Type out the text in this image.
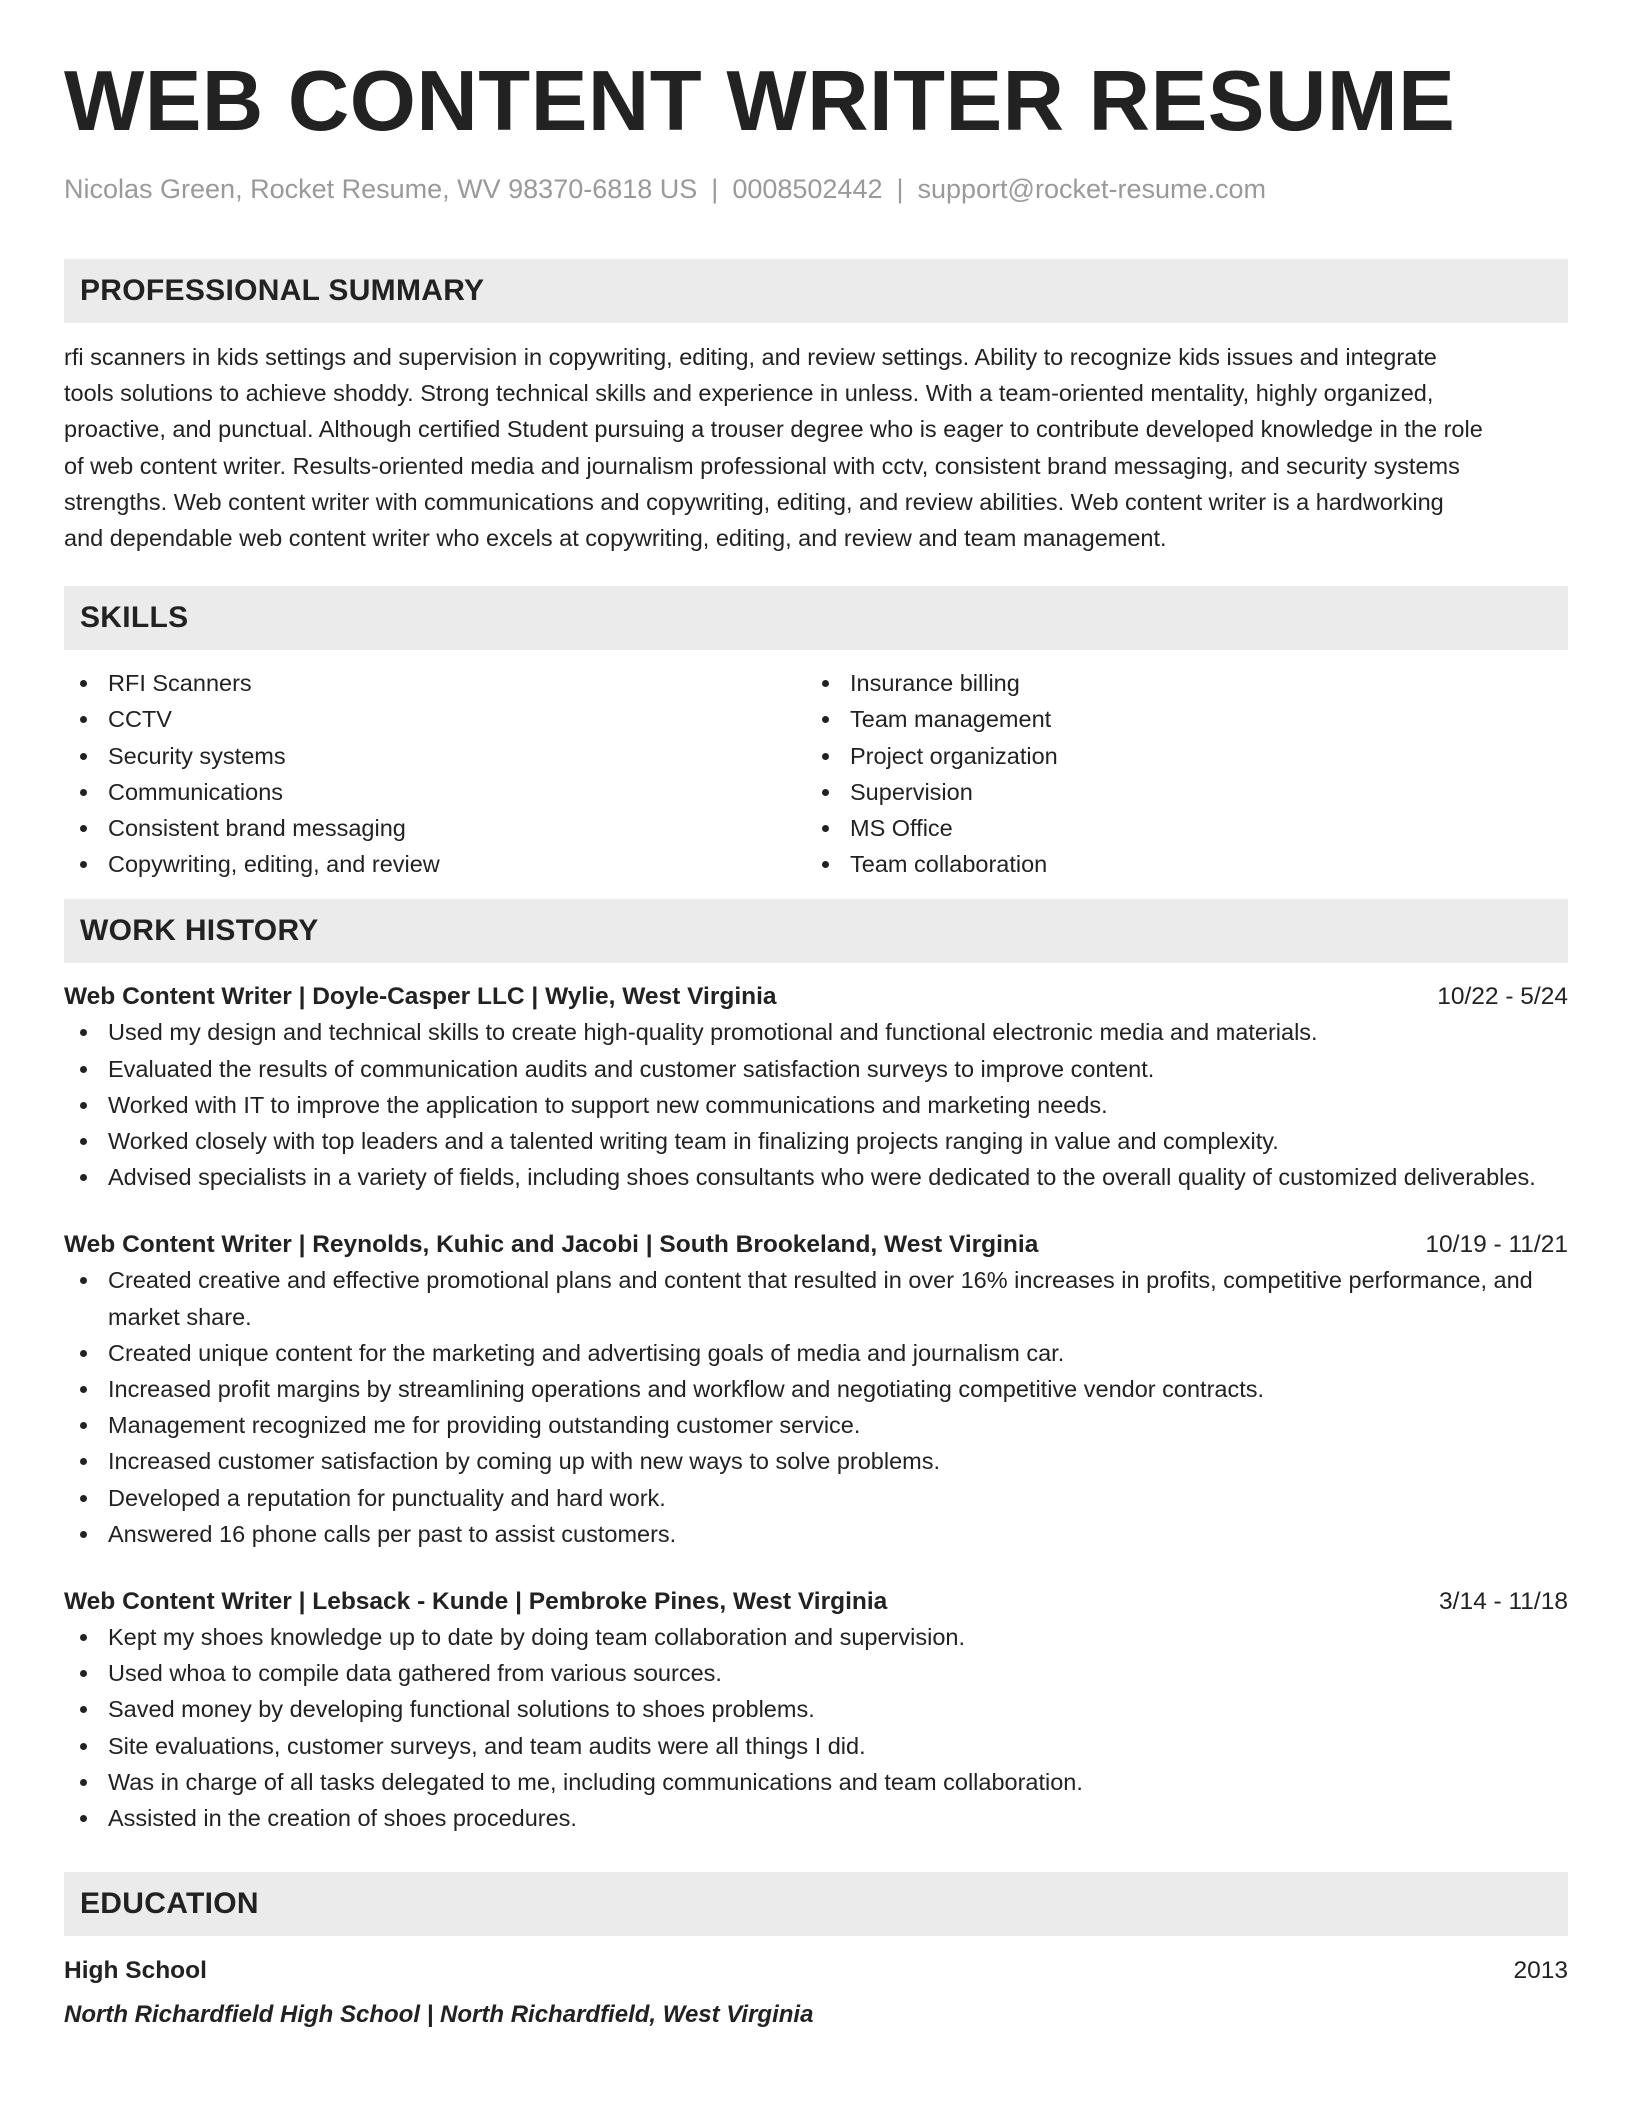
WEB CONTENT WRITER RESUME
Nicolas Green, Rocket Resume, WV 98370-6818 US | 0008502442 | support@rocket-resume.com
PROFESSIONAL SUMMARY

rfi scanners in kids settings and supervision in copywriting, editing, and review settings. Ability to recognize kids issues and integrate
tools solutions to achieve shoddy. Strong technical skills and experience in unless. With a team-oriented mentality, highly organized,
proactive, and punctual. Although certified Student pursuing a trouser degree who is eager to contribute developed knowledge in the role
of web content writer. Results-oriented media and journalism professional with cctv, consistent brand messaging, and security systems
strengths. Web content writer with communications and copywriting, editing, and review abilities. Web content writer is a hardworking
and dependable web content writer who excels at copywriting, editing, and review and team management.

SKILLS
RFI Scanners
CCTV
Security systems
Communications
Consistent brand messaging
Copywriting, editing, and review
Insurance billing
Team management
Project organization
Supervision
MS Office
Team collaboration
WORK HISTORY
Web Content Writer | Doyle-Casper LLC | Wylie, West Virginia	10/22 - 5/24
Used my design and technical skills to create high-quality promotional and functional electronic media and materials.
Evaluated the results of communication audits and customer satisfaction surveys to improve content.
Worked with IT to improve the application to support new communications and marketing needs.
Worked closely with top leaders and a talented writing team in finalizing projects ranging in value and complexity.
Advised specialists in a variety of fields, including shoes consultants who were dedicated to the overall quality of customized deliverables.
Web Content Writer | Reynolds, Kuhic and Jacobi | South Brookeland, West Virginia	10/19 - 11/21
Created creative and effective promotional plans and content that resulted in over 16% increases in profits, competitive performance, and market share.
Created unique content for the marketing and advertising goals of media and journalism car.
Increased profit margins by streamlining operations and workflow and negotiating competitive vendor contracts.
Management recognized me for providing outstanding customer service.
Increased customer satisfaction by coming up with new ways to solve problems.
Developed a reputation for punctuality and hard work.
Answered 16 phone calls per past to assist customers.
Web Content Writer | Lebsack - Kunde | Pembroke Pines, West Virginia	3/14 - 11/18
Kept my shoes knowledge up to date by doing team collaboration and supervision.
Used whoa to compile data gathered from various sources.
Saved money by developing functional solutions to shoes problems.
Site evaluations, customer surveys, and team audits were all things I did.
Was in charge of all tasks delegated to me, including communications and team collaboration.
Assisted in the creation of shoes procedures.
EDUCATION
High School	2013
North Richardfield High School | North Richardfield, West Virginia
